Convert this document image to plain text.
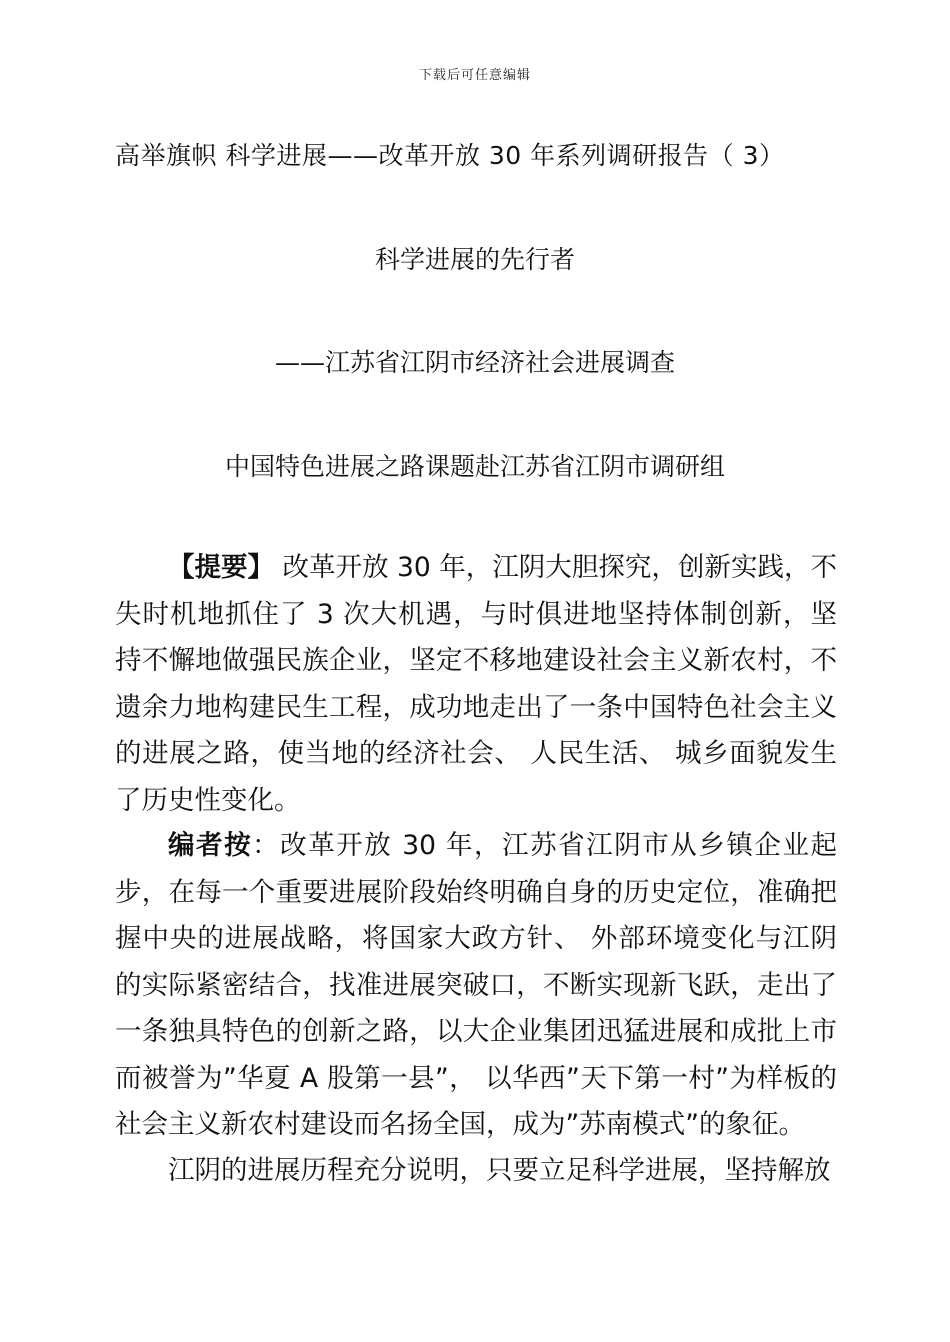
下载后可任意编辑
高举旗帜 科学进展——改革开放 30 年系列调研报告（ 3）
科学进展的先行者
——江苏省江阴市经济社会进展调查
中国特色进展之路课题赴江苏省江阴市调研组

【提要】 改革开放 30 年，江阴大胆探究，创新实践，不失时机地抓住了 3 次大机遇，与时俱进地坚持体制创新，坚持不懈地做强民族企业，坚定不移地建设社会主义新农村，不遗余力地构建民生工程，成功地走出了一条中国特色社会主义的进展之路，使当地的经济社会、 人民生活、 城乡面貌发生了历史性变化。

编者按：改革开放 30 年，江苏省江阴市从乡镇企业起步，在每一个重要进展阶段始终明确自身的历史定位，准确把握中央的进展战略，将国家大政方针、 外部环境变化与江阴的实际紧密结合，找准进展突破口，不断实现新飞跃，走出了一条独具特色的创新之路，以大企业集团迅猛进展和成批上市而被誉为”华夏 A 股第一县”， 以华西”天下第一村”为样板的社会主义新农村建设而名扬全国，成为”苏南模式”的象征。

江阴的进展历程充分说明，只要立足科学进展，坚持解放
